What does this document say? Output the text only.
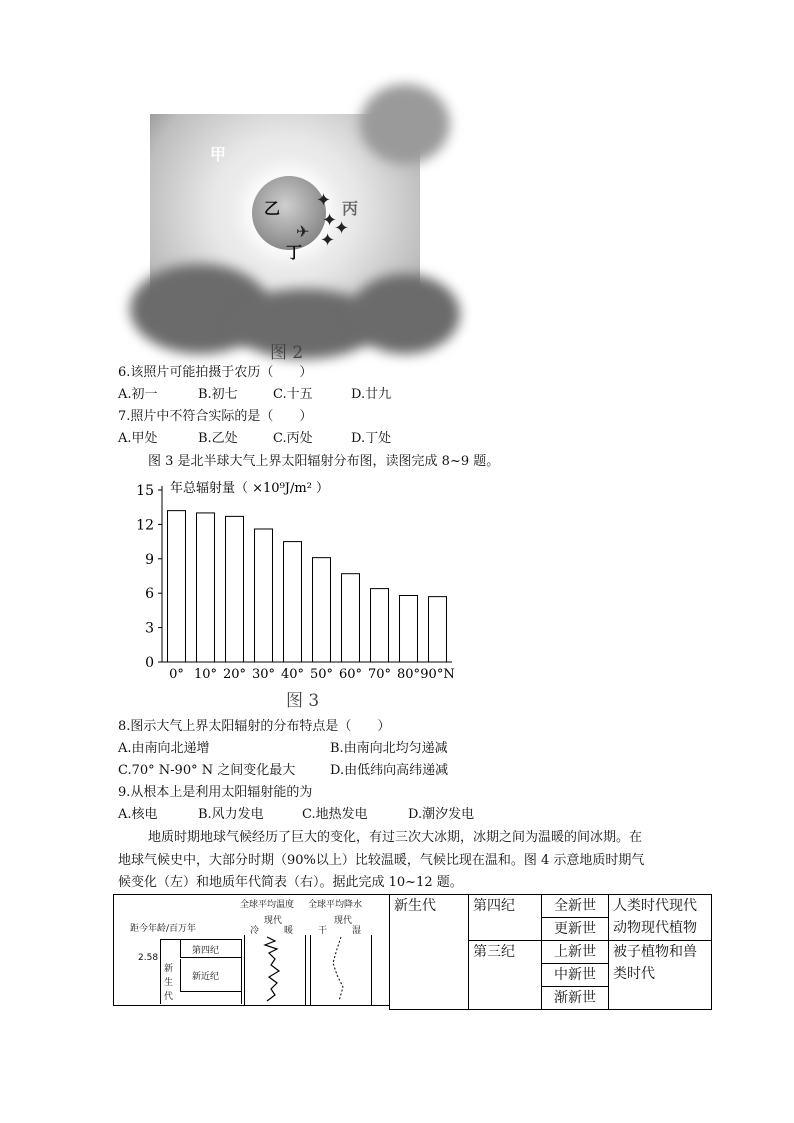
甲
乙	丙
丁
✦
✦
✦
✦
✈
图 2
6.该照片可能拍摄于农历（　　）
A.初一	B.初七	C.十五	D.廿九
7.照片中不符合实际的是（　　）
A.甲处	B.乙处	C.丙处	D.丁处
图 3 是北半球大气上界太阳辐射分布图，读图完成 8~9 题。
0
3
6
9
12
15 年总辐射量（ ×10⁹J/m² ）
0° 10° 20° 30° 40° 50° 60° 70° 80° 90°N
图 3
8.图示大气上界太阳辐射的分布特点是（　　）
A.由南向北递增	B.由南向北均匀递减
C.70° N-90° N 之间变化最大	D.由低纬向高纬递减
9.从根本上是利用太阳辐射能的为
A.核电	B.风力发电	C.地热发电	D.潮汐发电
地质时期地球气候经历了巨大的变化，有过三次大冰期，冰期之间为温暖的间冰期。在
地球气候史中，大部分时期（90%以上）比较温暖，气候比现在温和。图 4 示意地质时期气
候变化（左）和地质年代简表（右）。据此完成 10~12 题。
全球平均温度 全球平均降水
现代	现代
冷	暖	干	湿
距今年龄/百万年
第四纪
新近纪
新
生
代
2.58
新生代	第四纪	全新世	人类时代现代动物现代植物
		更新世	
	第三纪	上新世	被子植物和兽类时代
		中新世	
		渐新世	
